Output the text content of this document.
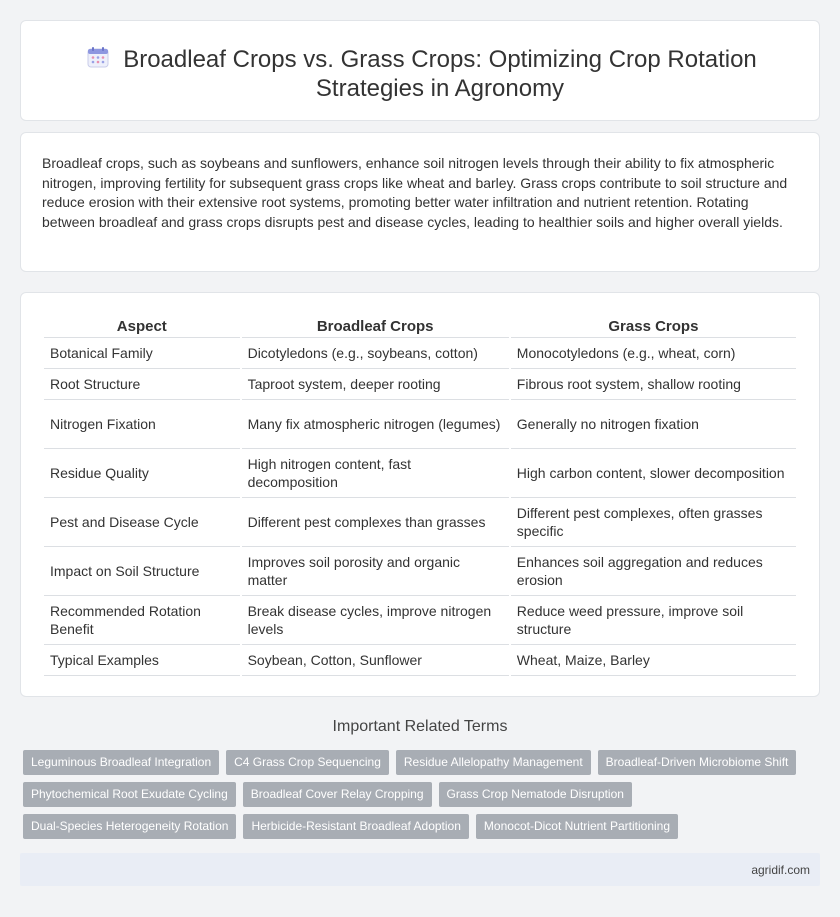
Broadleaf Crops vs. Grass Crops: Optimizing Crop Rotation Strategies in Agronomy

Broadleaf crops, such as soybeans and sunflowers, enhance soil nitrogen levels through their ability to fix atmospheric nitrogen, improving fertility for subsequent grass crops like wheat and barley. Grass crops contribute to soil structure and reduce erosion with their extensive root systems, promoting better water infiltration and nutrient retention. Rotating between broadleaf and grass crops disrupts pest and disease cycles, leading to healthier soils and higher overall yields.

Aspect	Broadleaf Crops	Grass Crops
Botanical Family	Dicotyledons (e.g., soybeans, cotton)	Monocotyledons (e.g., wheat, corn)
Root Structure	Taproot system, deeper rooting	Fibrous root system, shallow rooting
Nitrogen Fixation	Many fix atmospheric nitrogen (legumes)	Generally no nitrogen fixation
Residue Quality	High nitrogen content, fast decomposition	High carbon content, slower decomposition
Pest and Disease Cycle	Different pest complexes than grasses	Different pest complexes, often grasses specific
Impact on Soil Structure	Improves soil porosity and organic matter	Enhances soil aggregation and reduces erosion
Recommended Rotation Benefit	Break disease cycles, improve nitrogen levels	Reduce weed pressure, improve soil structure
Typical Examples	Soybean, Cotton, Sunflower	Wheat, Maize, Barley
Important Related Terms
Leguminous Broadleaf Integration	C4 Grass Crop Sequencing	Residue Allelopathy Management	Broadleaf-Driven Microbiome Shift
Phytochemical Root Exudate Cycling	Broadleaf Cover Relay Cropping	Grass Crop Nematode Disruption
Dual-Species Heterogeneity Rotation	Herbicide-Resistant Broadleaf Adoption	Monocot-Dicot Nutrient Partitioning
agridif.com
